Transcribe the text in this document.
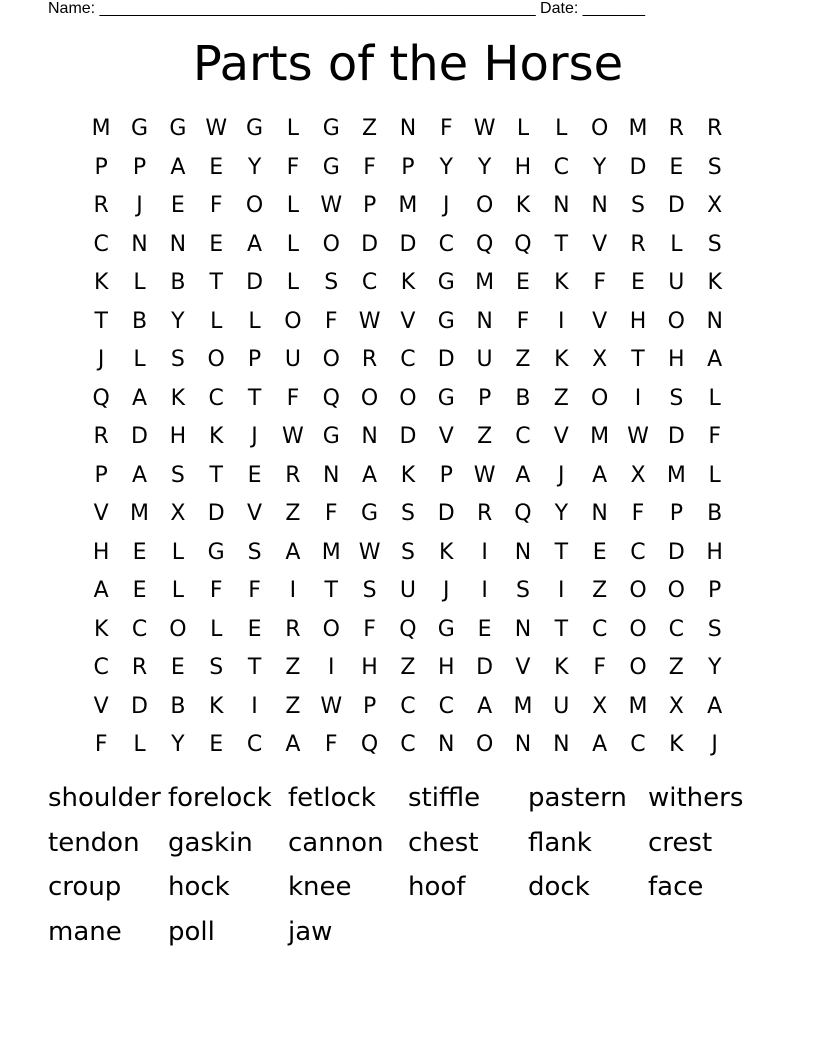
Name: _________________________________________________ Date: _______
Parts of the Horse
M G G W G	L	G	Z	N	F W L	L	O M R	R
P	P	A	E	Y	F	G	F	P	Y	Y	H	C	Y	D	E	S
R	J	E	F	O	L W P	M	J	O	K	N N	S	D	X
C	N N	E	A	L	O D D	C Q Q	T	V	R	L	S
K	L	B	T	D	L	S	C	K	G M E	K	F	E	U	K
T	B	Y	L	L	O	F W V	G N	F	I	V	H O N
J	L	S	O	P	U O	R	C	D U	Z	K	X	T	H	A
Q	A	K	C	T	F	Q O O G	P	B	Z	O	I	S	L
R	D H	K	J	W G N D	V	Z	C	V M W D	F
P	A	S	T	E	R	N	A	K	P W A	J	A	X M	L
V M X	D	V	Z	F	G	S	D	R	Q	Y	N	F	P	B
H	E	L	G	S	A M W S	K	I	N	T	E	C	D H
A	E	L	F	F	I	T	S	U	J	I	S	I	Z	O O	P
K	C O	L	E	R	O	F	Q G	E	N	T	C O	C	S
C	R	E	S	T	Z	I	H	Z	H D	V	K	F	O	Z	Y
V	D	B	K	I	Z W P	C	C	A M U	X M X	A
F	L	Y	E	C	A	F	Q	C	N O N N	A	C	K	J
shoulder forelock fetlock	stiffle	pastern withers
tendon	gaskin	cannon chest	flank	crest
croup	hock	knee	hoof	dock	face
mane	poll	jaw
